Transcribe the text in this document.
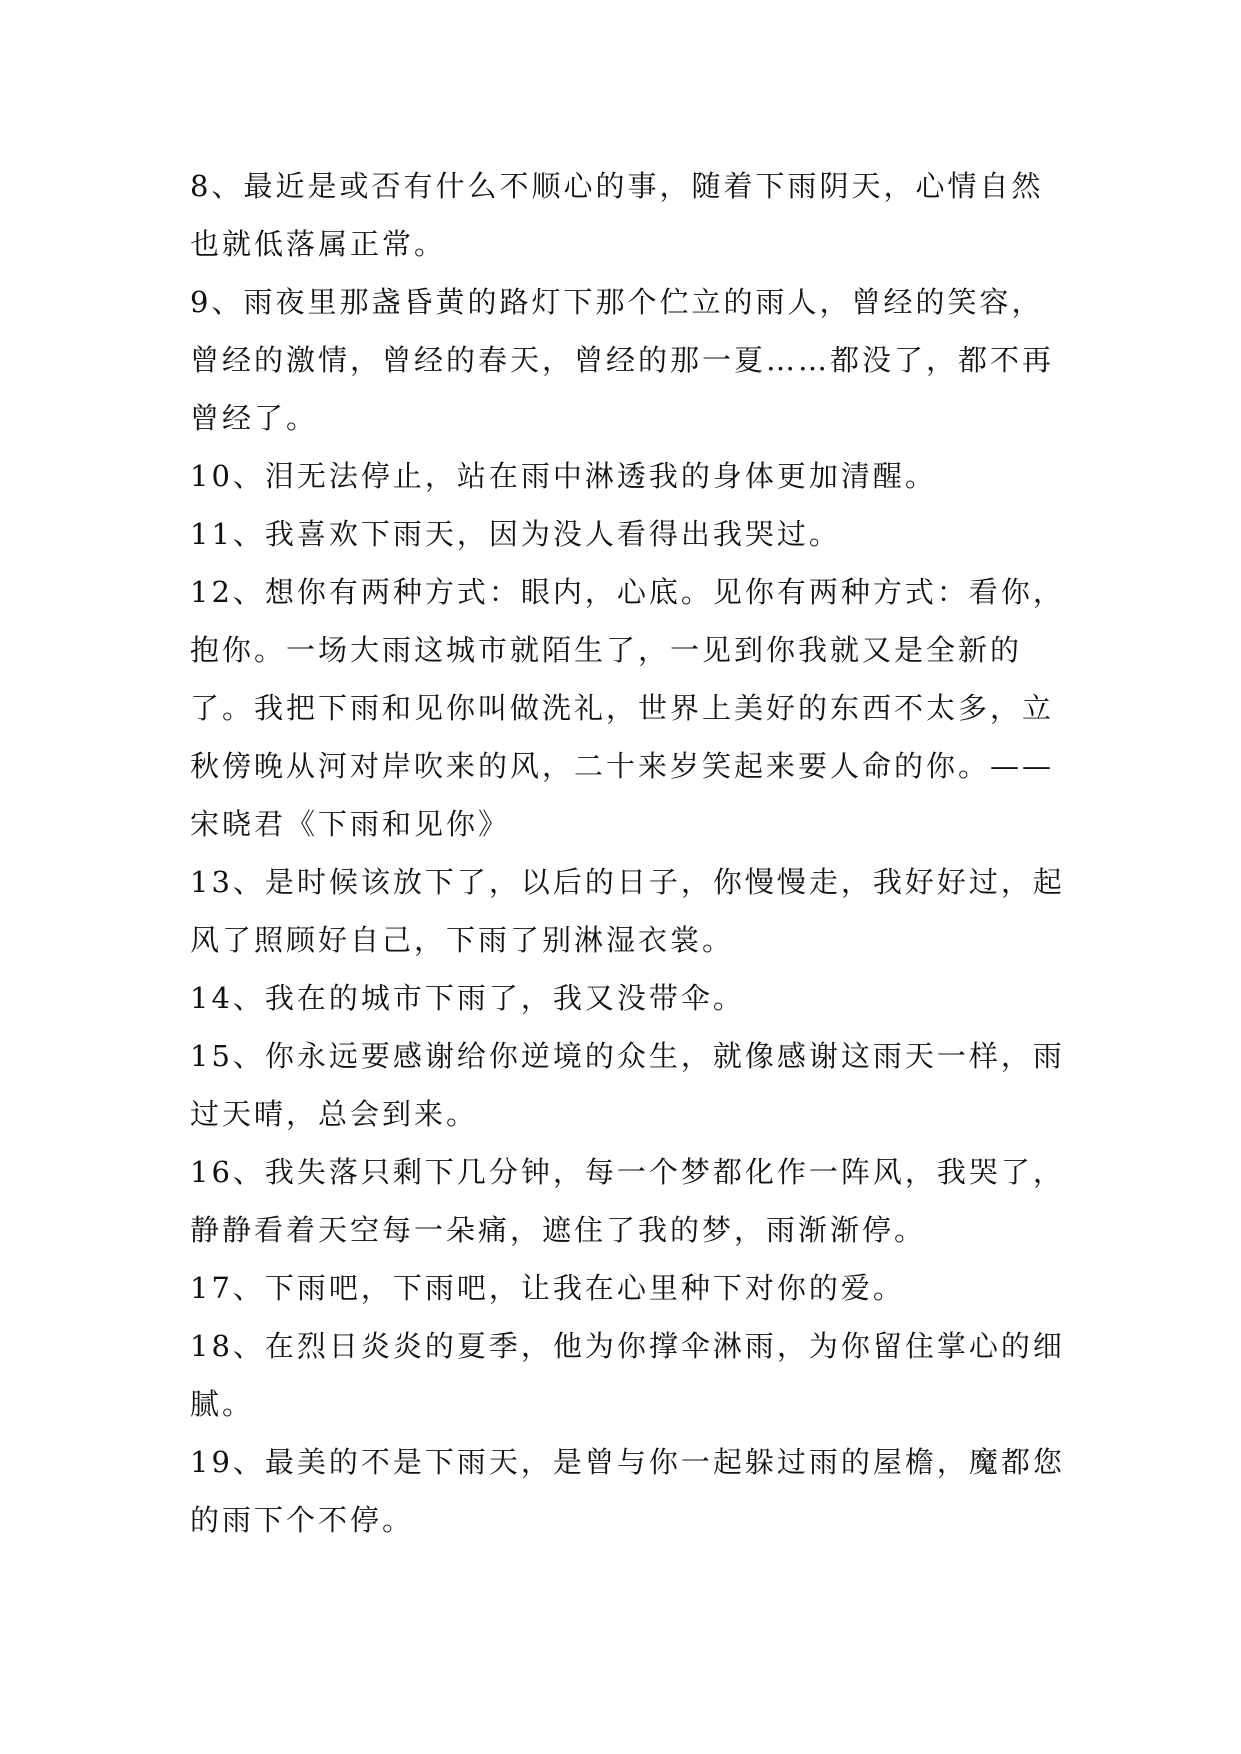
8、最近是或否有什么不顺心的事，随着下雨阴天，心情自然也就低落属正常。

9、雨夜里那盏昏黄的路灯下那个伫立的雨人，曾经的笑容，曾经的激情，曾经的春天，曾经的那一夏……都没了，都不再曾经了。

10、泪无法停止，站在雨中淋透我的身体更加清醒。

11、我喜欢下雨天，因为没人看得出我哭过。

12、想你有两种方式：眼内，心底。见你有两种方式：看你，抱你。一场大雨这城市就陌生了，一见到你我就又是全新的了。我把下雨和见你叫做洗礼，世界上美好的东西不太多，立秋傍晚从河对岸吹来的风，二十来岁笑起来要人命的你。——宋晓君《下雨和见你》

13、是时候该放下了，以后的日子，你慢慢走，我好好过，起风了照顾好自己，下雨了别淋湿衣裳。

14、我在的城市下雨了，我又没带伞。

15、你永远要感谢给你逆境的众生，就像感谢这雨天一样，雨过天晴，总会到来。

16、我失落只剩下几分钟，每一个梦都化作一阵风，我哭了，静静看着天空每一朵痛，遮住了我的梦，雨渐渐停。

17、下雨吧，下雨吧，让我在心里种下对你的爱。

18、在烈日炎炎的夏季，他为你撑伞淋雨，为你留住掌心的细腻。

19、最美的不是下雨天，是曾与你一起躲过雨的屋檐，魔都您的雨下个不停。
